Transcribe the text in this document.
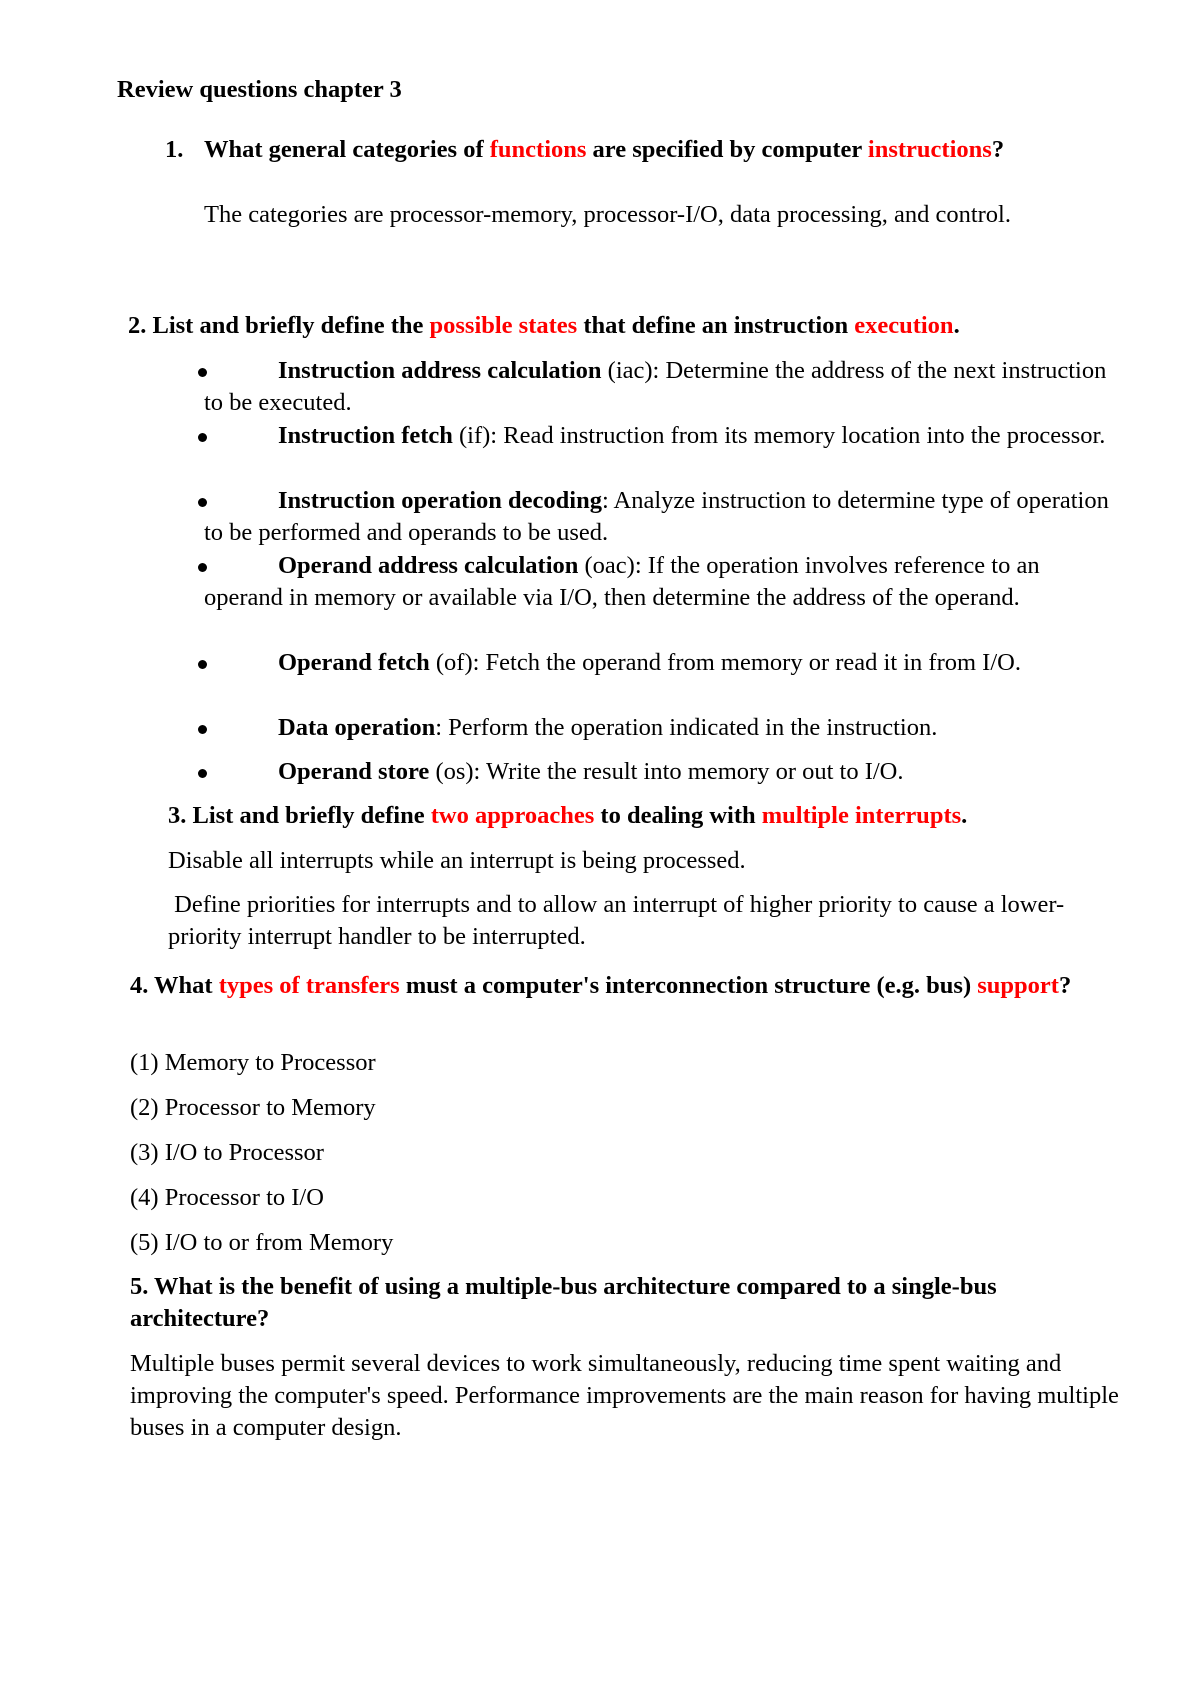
Review questions chapter 3
1. What general categories of functions are specified by computer instructions?
The categories are processor-memory, processor-I/O, data processing, and control.
2. List and briefly define the possible states that define an instruction execution.
Instruction address calculation (iac): Determine the address of the next instruction to be executed.
Instruction fetch (if): Read instruction from its memory location into the processor.
Instruction operation decoding: Analyze instruction to determine type of operation to be performed and operands to be used.
Operand address calculation (oac): If the operation involves reference to an operand in memory or available via I/O, then determine the address of the operand.
Operand fetch (of): Fetch the operand from memory or read it in from I/O.
Data operation: Perform the operation indicated in the instruction.
Operand store (os): Write the result into memory or out to I/O.
3. List and briefly define two approaches to dealing with multiple interrupts.
Disable all interrupts while an interrupt is being processed.
Define priorities for interrupts and to allow an interrupt of higher priority to cause a lower-priority interrupt handler to be interrupted.
4. What types of transfers must a computer's interconnection structure (e.g. bus) support?
(1) Memory to Processor
(2) Processor to Memory
(3) I/O to Processor
(4) Processor to I/O
(5) I/O to or from Memory
5. What is the benefit of using a multiple-bus architecture compared to a single-bus architecture?
Multiple buses permit several devices to work simultaneously, reducing time spent waiting and improving the computer's speed. Performance improvements are the main reason for having multiple buses in a computer design.
